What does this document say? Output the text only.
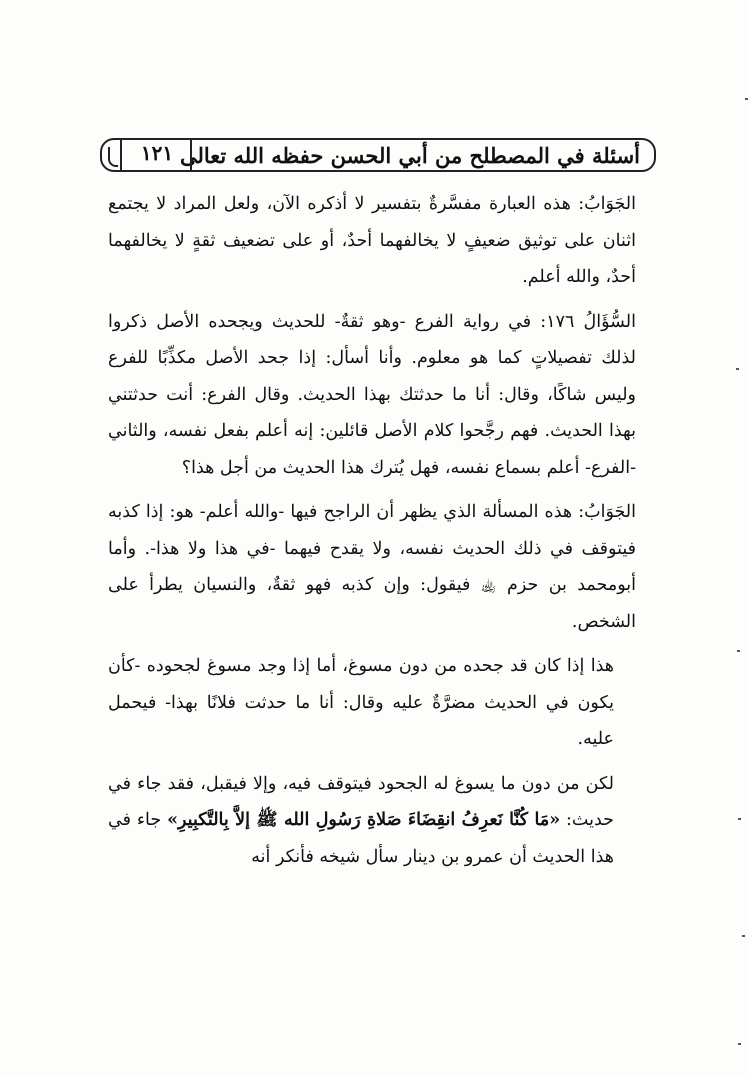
أسئلة في المصطلح من أبي الحسن حفظه الله تعالى
١٢١

الجَوَابُ: هذه العبارة مفسَّرةٌ بتفسير لا أذكره الآن، ولعل المراد لا يجتمع اثنان على توثيق ضعيفٍ لا يخالفهما أحدٌ، أو على تضعيف ثقةٍ لا يخالفهما أحدٌ، والله أعلم.

السُّؤَالُ ١٧٦: في رواية الفرع -وهو ثقةٌ- للحديث ويجحده الأصل ذكروا لذلك تفصيلاتٍ كما هو معلوم. وأنا أسأل: إذا جحد الأصل مكذِّبًا للفرع وليس شاكًا، وقال: أنا ما حدثتك بهذا الحديث. وقال الفرع: أنت حدثتني بهذا الحديث. فهم رجَّحوا كلام الأصل قائلين: إنه أعلم بفعل نفسه، والثاني -الفرع- أعلم بسماع نفسه، فهل يُترك هذا الحديث من أجل هذا؟

الجَوَابُ: هذه المسألة الذي يظهر أن الراجح فيها -والله أعلم- هو: إذا كذبه فيتوقف في ذلك الحديث نفسه، ولا يقدح فيهما -في هذا ولا هذا-. وأما أبومحمد بن حزم ﵀ فيقول: وإن كذبه فهو ثقةٌ، والنسيان يطرأ على الشخص.

هذا إذا كان قد جحده من دون مسوغ، أما إذا وجد مسوغ لجحوده -كأن يكون في الحديث مضرَّةٌ عليه وقال: أنا ما حدثت فلانًا بهذا- فيحمل عليه.

لكن من دون ما يسوغ له الجحود فيتوقف فيه، وإلا فيقبل، فقد جاء في حديث: «مَا كُنَّا نَعرِفُ انقِضَاءَ صَلاةِ رَسُولِ الله ﷺ إلاَّ بِالتَّكبِيرِ» جاء في هذا الحديث أن عمرو بن دينار سأل شيخه فأنكر أنه
